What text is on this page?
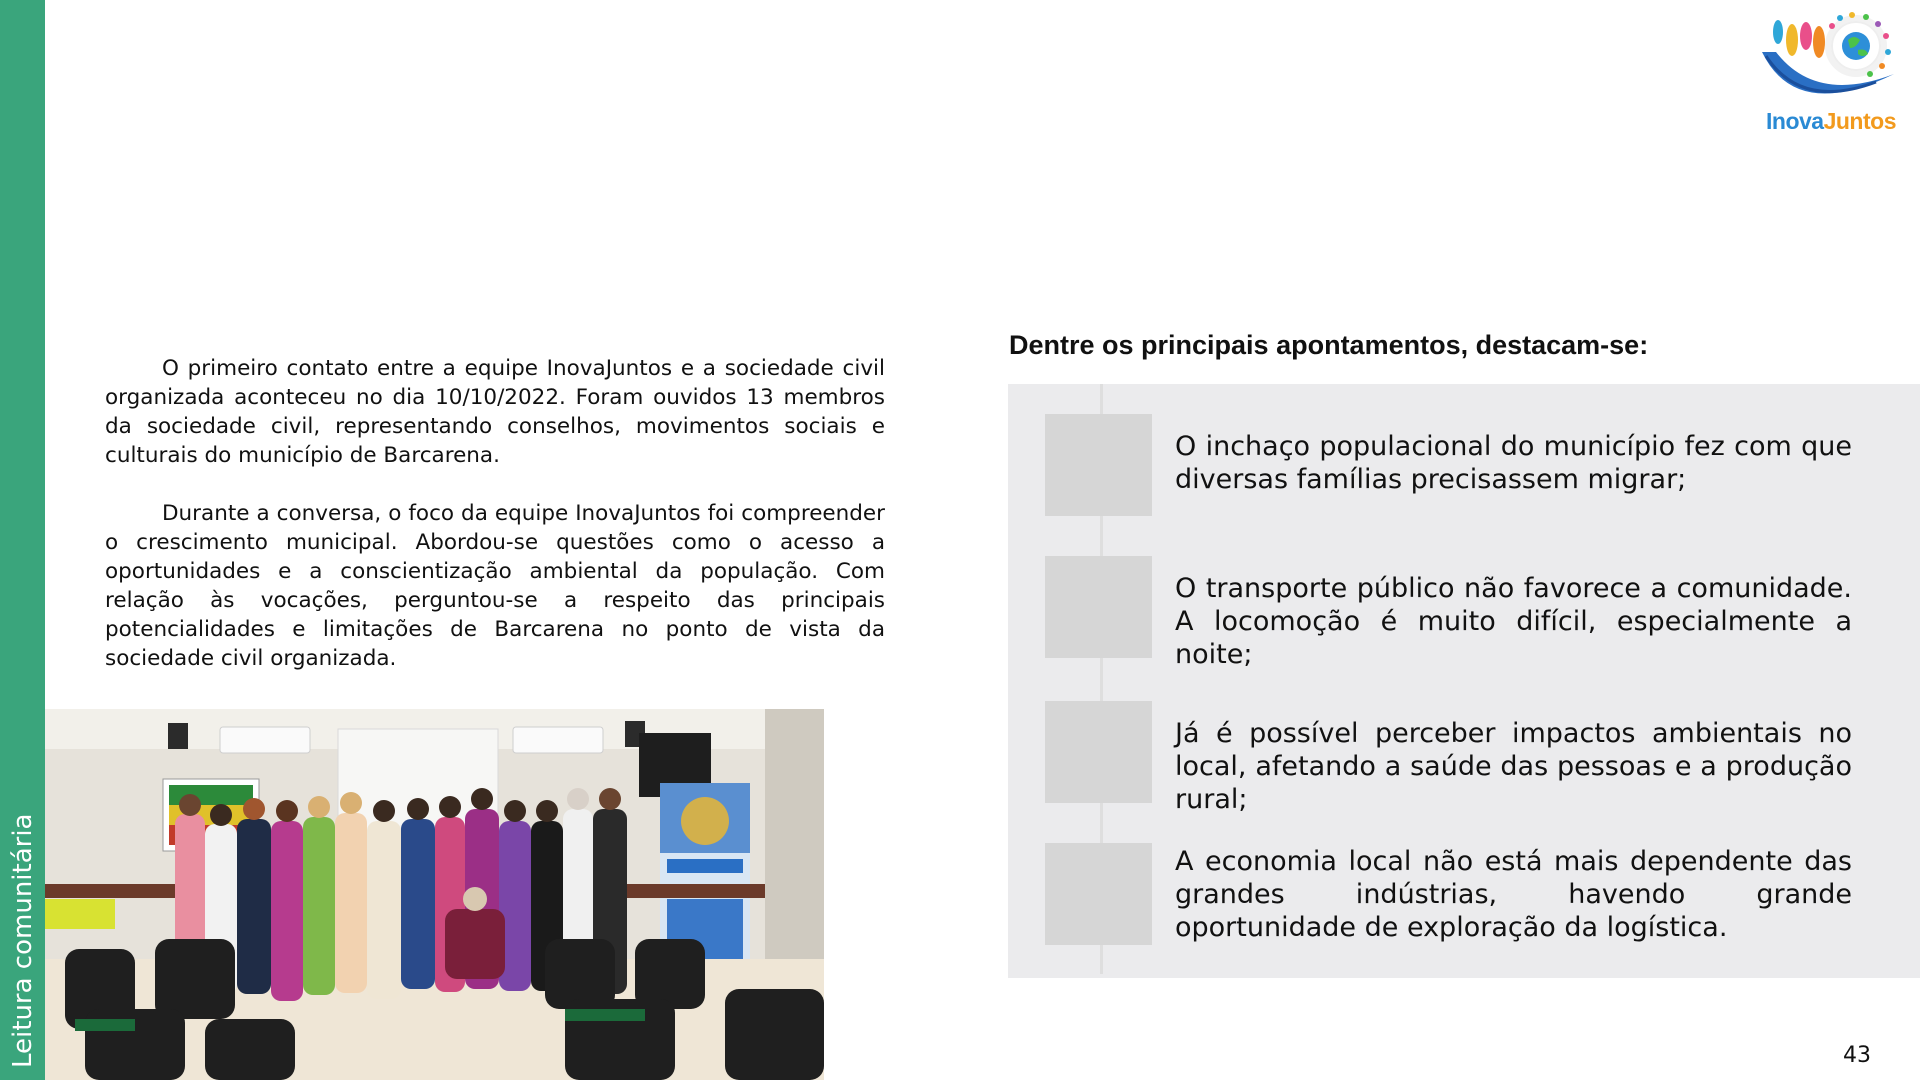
Leitura comunitária
InovaJuntos

O primeiro contato entre a equipe InovaJuntos e a sociedade civil organizada aconteceu no dia 10/10/2022. Foram ouvidos 13 membros da sociedade civil, representando conselhos, movimentos sociais e culturais do município de Barcarena.

Durante a conversa, o foco da equipe InovaJuntos foi compreender o crescimento municipal. Abordou-se questões como o acesso a oportunidades e a conscientização ambiental da população. Com relação às vocações, perguntou-se a respeito das principais potencialidades e limitações de Barcarena no ponto de vista da sociedade civil organizada.

Dentre os principais apontamentos, destacam-se:
O inchaço populacional do município fez com que diversas famílias precisassem migrar;
O transporte público não favorece a comunidade. A locomoção é muito difícil, especialmente a noite;
Já é possível perceber impactos ambientais no local, afetando a saúde das pessoas e a produção rural;
A economia local não está mais dependente das grandes indústrias, havendo grande oportunidade de exploração da logística.
43
